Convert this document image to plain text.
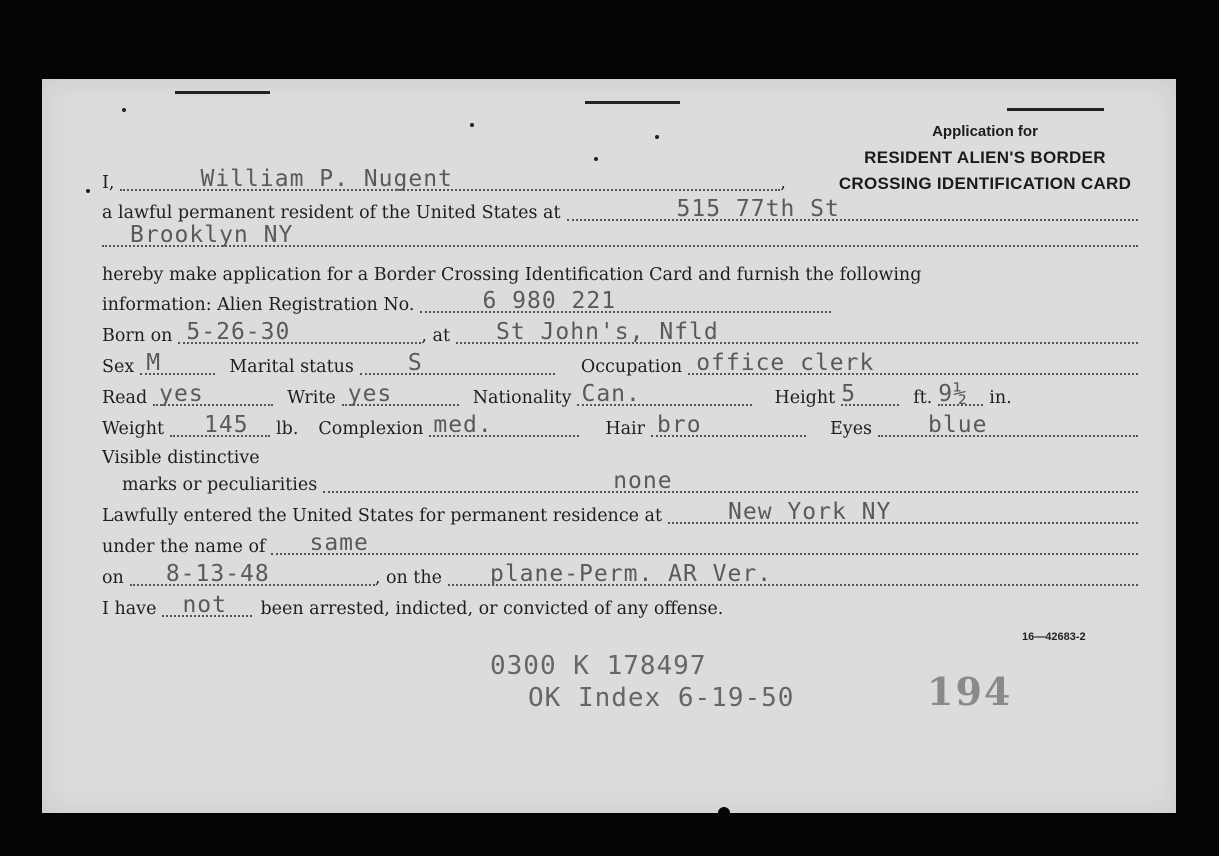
Application for
RESIDENT ALIEN'S BORDER
CROSSING IDENTIFICATION CARD
I,	William P. Nugent	,
a lawful permanent resident of the United States at	515 77th St
Brooklyn NY
hereby make application for a Border Crossing Identification Card and furnish the following
information: Alien Registration No.	6 980 221
Born on 5-26-30	, at St John's, Nfld
Sex M	Marital status S	Occupation office clerk
Read yes	Write yes	Nationality Can.	Height 5	ft. 9½	in.
Weight 145	lb.	Complexion med.	Hair bro	Eyes blue
Visible distinctive
marks or peculiarities	none
Lawfully entered the United States for permanent residence at	New York NY
under the name of same
on 8-13-48	, on the plane-Perm. AR Ver.
I have not	been arrested, indicted, or convicted of any offense.
16—42683-2
0300 K 178497
OK Index 6-19-50	194
